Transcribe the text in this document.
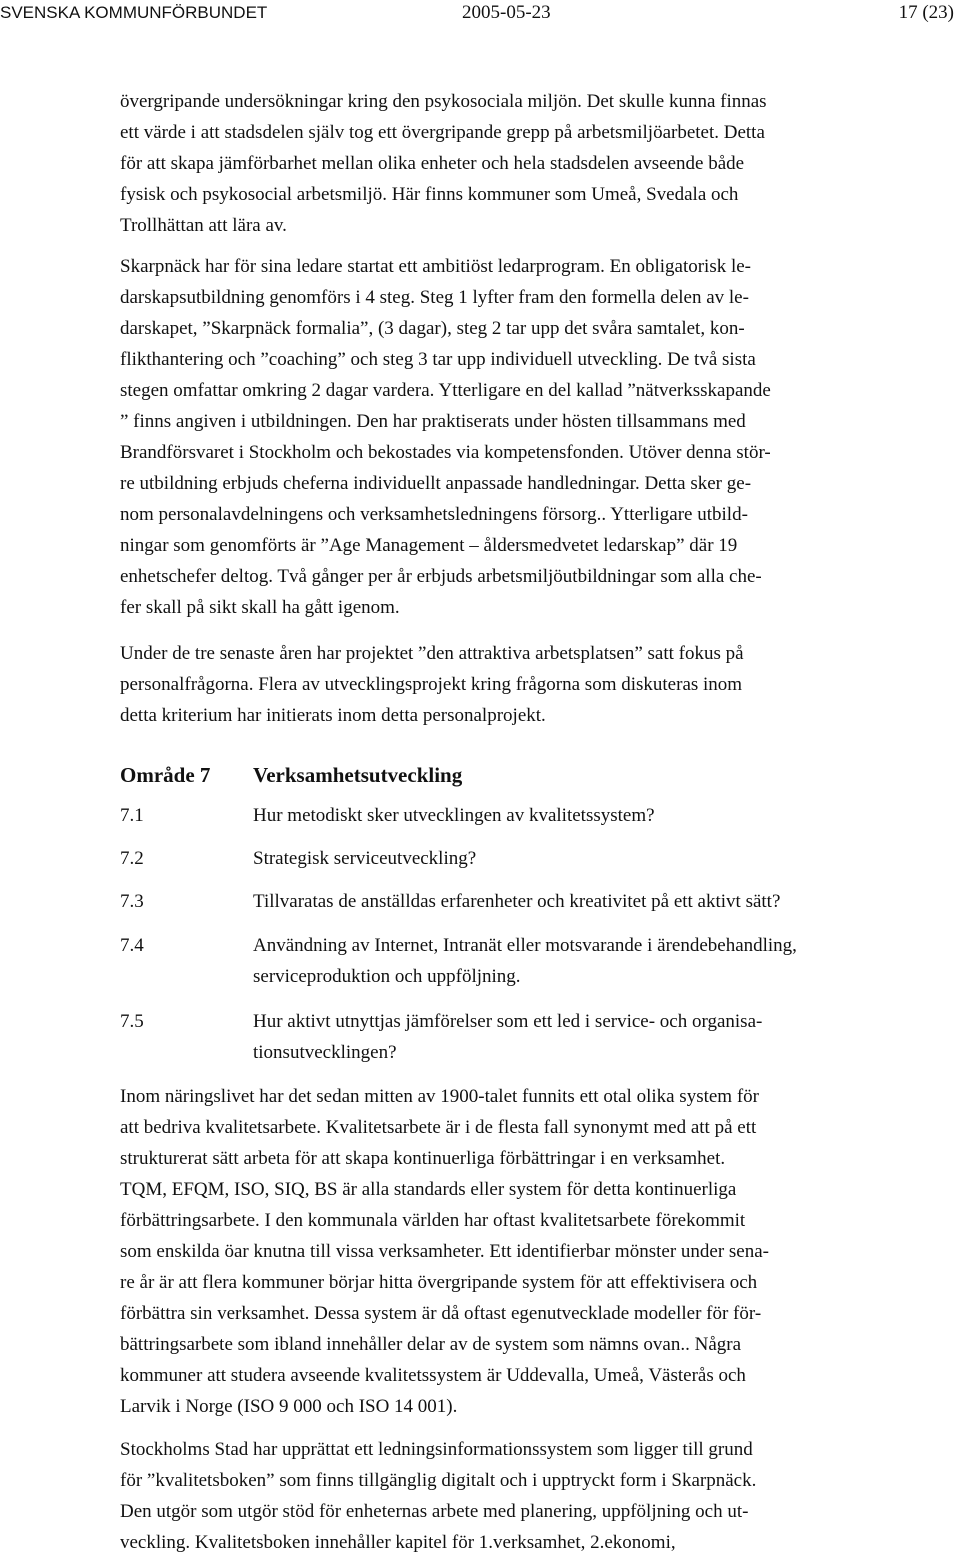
SVENSKA KOMMUNFÖRBUNDET	2005-05-23	17 (23)
övergripande undersökningar kring den psykosociala miljön. Det skulle kunna finnas
ett värde i att stadsdelen själv tog ett övergripande grepp på arbetsmiljöarbetet. Detta
för att skapa jämförbarhet mellan olika enheter och hela stadsdelen avseende både
fysisk och psykosocial arbetsmiljö. Här finns kommuner som Umeå, Svedala och
Trollhättan att lära av.
Skarpnäck har för sina ledare startat ett ambitiöst ledarprogram. En obligatorisk le-
darskapsutbildning genomförs i 4 steg. Steg 1 lyfter fram den formella delen av le-
darskapet, ”Skarpnäck formalia”, (3 dagar), steg 2 tar upp det svåra samtalet, kon-
flikthantering och ”coaching” och steg 3 tar upp individuell utveckling. De två sista
stegen omfattar omkring 2 dagar vardera. Ytterligare en del kallad ”nätverksskapande
” finns angiven i utbildningen. Den har praktiserats under hösten tillsammans med
Brandförsvaret i Stockholm och bekostades via kompetensfonden. Utöver denna stör-
re utbildning erbjuds cheferna individuellt anpassade handledningar. Detta sker ge-
nom personalavdelningens och verksamhetsledningens försorg.. Ytterligare utbild-
ningar som genomförts är ”Age Management – åldersmedvetet ledarskap” där 19
enhetschefer deltog. Två gånger per år erbjuds arbetsmiljöutbildningar som alla che-
fer skall på sikt skall ha gått igenom.
Under de tre senaste åren har projektet ”den attraktiva arbetsplatsen” satt fokus på
personalfrågorna. Flera av utvecklingsprojekt kring frågorna som diskuteras inom
detta kriterium har initierats inom detta personalprojekt.
Område 7 Verksamhetsutveckling
7.1	Hur metodiskt sker utvecklingen av kvalitetssystem?
7.2	Strategisk serviceutveckling?
7.3	Tillvaratas de anställdas erfarenheter och kreativitet på ett aktivt sätt?
7.4	Användning av Internet, Intranät eller motsvarande i ärendebehandling,
serviceproduktion och uppföljning.
7.5	Hur aktivt utnyttjas jämförelser som ett led i service- och organisa-
tionsutvecklingen?
Inom näringslivet har det sedan mitten av 1900-talet funnits ett otal olika system för
att bedriva kvalitetsarbete. Kvalitetsarbete är i de flesta fall synonymt med att på ett
strukturerat sätt arbeta för att skapa kontinuerliga förbättringar i en verksamhet.
TQM, EFQM, ISO, SIQ, BS är alla standards eller system för detta kontinuerliga
förbättringsarbete. I den kommunala världen har oftast kvalitetsarbete förekommit
som enskilda öar knutna till vissa verksamheter. Ett identifierbar mönster under sena-
re år är att flera kommuner börjar hitta övergripande system för att effektivisera och
förbättra sin verksamhet. Dessa system är då oftast egenutvecklade modeller för för-
bättringsarbete som ibland innehåller delar av de system som nämns ovan.. Några
kommuner att studera avseende kvalitetssystem är Uddevalla, Umeå, Västerås och
Larvik i Norge (ISO 9 000 och ISO 14 001).
Stockholms Stad har upprättat ett ledningsinformationssystem som ligger till grund
för ”kvalitetsboken” som finns tillgänglig digitalt och i upptryckt form i Skarpnäck.
Den utgör som utgör stöd för enheternas arbete med planering, uppföljning och ut-
veckling. Kvalitetsboken innehåller kapitel för 1.verksamhet, 2.ekonomi,
